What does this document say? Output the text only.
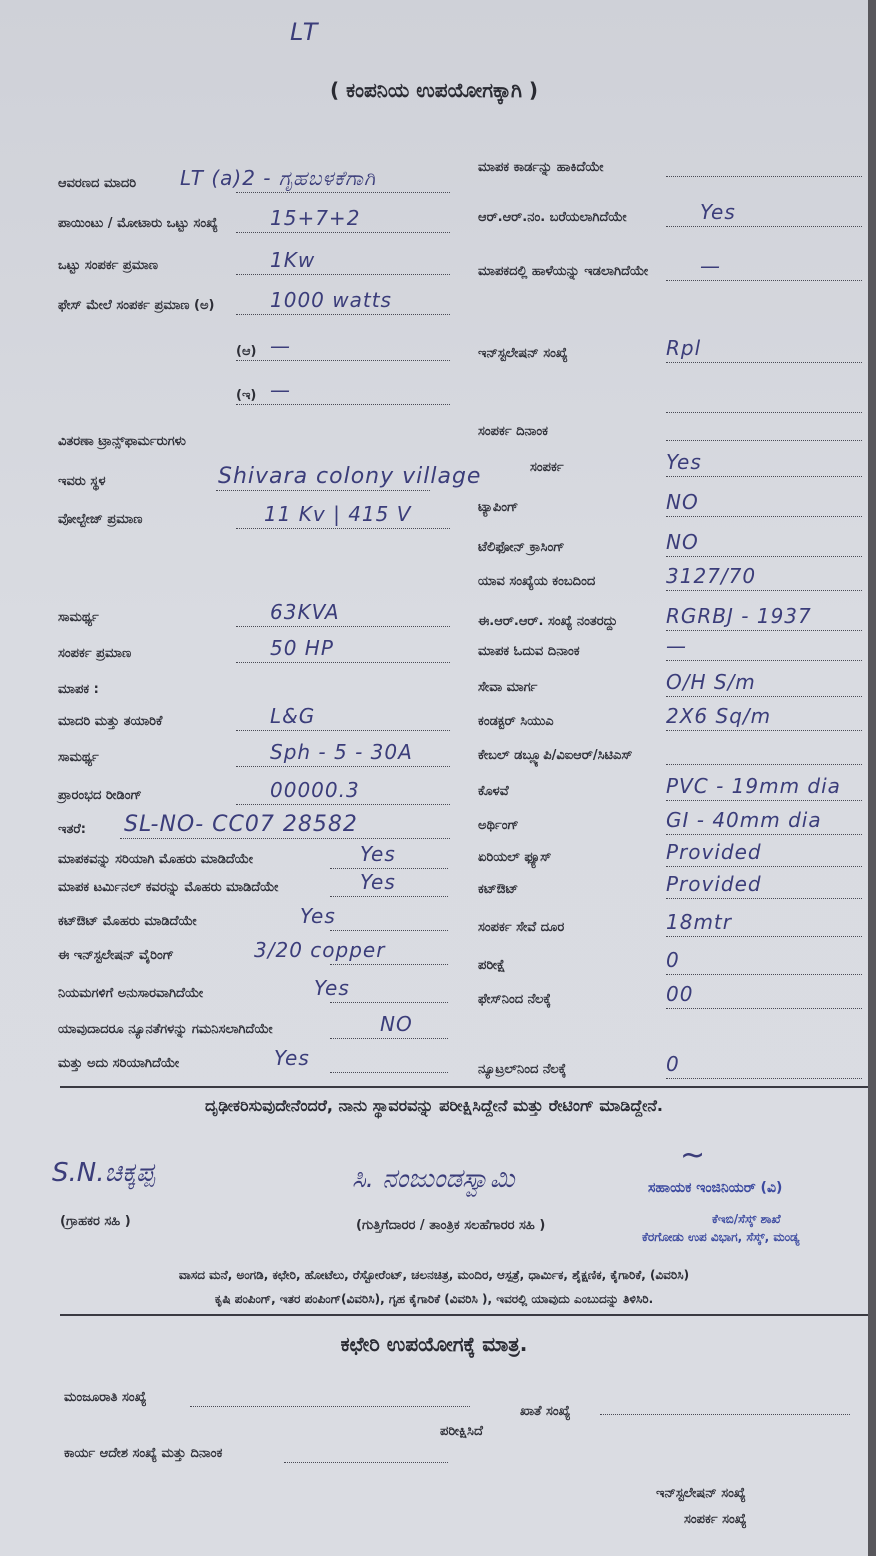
LT
( ಕಂಪನಿಯ ಉಪಯೋಗಕ್ಕಾಗಿ )
ಆವರಣದ ಮಾದರಿ LT (a)2 - ಗೃಹಬಳಕೆಗಾಗಿ
ಪಾಯಿಂಟು / ಮೋಟಾರು ಒಟ್ಟು ಸಂಖ್ಯೆ	15+7+2
ಒಟ್ಟು ಸಂಪರ್ಕ ಪ್ರಮಾಣ	1Kw
ಫೇಸ್ ಮೇಲೆ ಸಂಪರ್ಕ ಪ್ರಮಾಣ (ಅ)	1000 watts
(ಆ) —
(ಇ) —
ವಿತರಣಾ ಟ್ರಾನ್ಸ್‌ಫಾರ್ಮರುಗಳು
ಇವರು ಸ್ಥಳ	Shivara colony village
ವೋಲ್ಟೇಜ್ ಪ್ರಮಾಣ	11 Kv | 415 V
ಸಾಮರ್ಥ್ಯ	63KVA
ಸಂಪರ್ಕ ಪ್ರಮಾಣ	50 HP
ಮಾಪಕ :
ಮಾದರಿ ಮತ್ತು ತಯಾರಿಕೆ	L&G
ಸಾಮರ್ಥ್ಯ	Sph - 5 - 30A
ಪ್ರಾರಂಭದ ರೀಡಿಂಗ್	00000.3
ಇತರೆ: SL-NO- CC07 28582
ಮಾಪಕವನ್ನು ಸರಿಯಾಗಿ ಮೊಹರು ಮಾಡಿದೆಯೇ	Yes
ಮಾಪಕ ಟರ್ಮಿನಲ್ ಕವರನ್ನು ಮೊಹರು ಮಾಡಿದೆಯೇ	Yes
ಕಟ್‌ಔಟ್ ಮೊಹರು ಮಾಡಿದೆಯೇ	Yes
ಈ ಇನ್‌ಸ್ಟಲೇಷನ್ ವೈರಿಂಗ್	3/20 copper
ನಿಯಮಗಳಿಗೆ ಅನುಸಾರವಾಗಿದೆಯೇ	Yes
ಯಾವುದಾದರೂ ನ್ಯೂನತೆಗಳನ್ನು ಗಮನಿಸಲಾಗಿದೆಯೇ	NO
ಮತ್ತು ಅದು ಸರಿಯಾಗಿದೆಯೇ	Yes
ಮಾಪಕ ಕಾರ್ಡನ್ನು ಹಾಕಿದೆಯೇ
ಆರ್.ಆರ್.ನಂ. ಬರೆಯಲಾಗಿದೆಯೇ	Yes
ಮಾಪಕದಲ್ಲಿ ಹಾಳೆಯನ್ನು ಇಡಲಾಗಿದೆಯೇ	—
ಇನ್‌ಸ್ಟಲೇಷನ್ ಸಂಖ್ಯೆ	Rpl
ಸಂಪರ್ಕ ದಿನಾಂಕ
ಸಂಪರ್ಕ	Yes
ಟ್ಯಾಪಿಂಗ್	NO
ಟೆಲಿಫೋನ್ ಕ್ರಾಸಿಂಗ್	NO
ಯಾವ ಸಂಖ್ಯೆಯ ಕಂಬದಿಂದ	3127/70
ಈ.ಆರ್.ಆರ್. ಸಂಖ್ಯೆ ನಂತರದ್ದು RGRBJ - 1937
ಮಾಪಕ ಓದುವ ದಿನಾಂಕ	—
ಸೇವಾ ಮಾರ್ಗ	O/H S/m
ಕಂಡಕ್ಟರ್ ಸಿಯುಎ	2X6 Sq/m
ಕೇಬಲ್ ಡಬ್ಲ್ಯೂಪಿ/ವಿಐಆರ್/ಸಿಟಿಎಸ್
ಕೊಳವೆ	PVC - 19mm dia
ಅರ್ಥಿಂಗ್	GI - 40mm dia
ಏರಿಯಲ್ ಫ್ಯೂಸ್	Provided
ಕಟ್‌ಔಟ್	Provided
ಸಂಪರ್ಕ ಸೇವೆ ದೂರ	18mtr
ಪರೀಕ್ಷೆ	0
ಫೇಸ್‌ನಿಂದ ನೆಲಕ್ಕೆ	00
ನ್ಯೂಟ್ರಲ್‌ನಿಂದ ನೆಲಕ್ಕೆ	0
ದೃಢೀಕರಿಸುವುದೇನೆಂದರೆ, ನಾನು ಸ್ಥಾವರವನ್ನು ಪರೀಕ್ಷಿಸಿದ್ದೇನೆ ಮತ್ತು ರೇಟಿಂಗ್ ಮಾಡಿದ್ದೇನೆ.
S.N.ಚಿಕ್ಕಪ್ಪ
(ಗ್ರಾಹಕರ ಸಹಿ )
ಸಿ. ನಂಜುಂಡಸ್ವಾಮಿ
(ಗುತ್ತಿಗೆದಾರರ / ತಾಂತ್ರಿಕ ಸಲಹೆಗಾರರ ಸಹಿ )
~
ಸಹಾಯಕ ಇಂಜಿನಿಯರ್ (ವಿ)
ಕೆಇಬಿ/ಸೆಸ್ಕ್ ಶಾಖೆ
ಕೆರಗೋಡು ಉಪ ವಿಭಾಗ, ಸೆಸ್ಕ್, ಮಂಡ್ಯ
ವಾಸದ ಮನೆ, ಅಂಗಡಿ, ಕಛೇರಿ, ಹೋಟೆಲು, ರೆಸ್ಟೋರೆಂಟ್, ಚಲನಚಿತ್ರ, ಮಂದಿರ, ಆಸ್ಪತ್ರೆ, ಧಾರ್ಮಿಕ, ಶೈಕ್ಷಣಿಕ, ಕೈಗಾರಿಕೆ, (ವಿವರಿಸಿ)
ಕೃಷಿ ಪಂಪಿಂಗ್, ಇತರ ಪಂಪಿಂಗ್(ವಿವರಿಸಿ), ಗೃಹ ಕೈಗಾರಿಕೆ (ವಿವರಿಸಿ ), ಇವರಲ್ಲಿ ಯಾವುದು ಎಂಬುದನ್ನು ತಿಳಿಸಿರಿ.
ಕಛೇರಿ ಉಪಯೋಗಕ್ಕೆ ಮಾತ್ರ.
ಮಂಜೂರಾತಿ ಸಂಖ್ಯೆ
ಖಾತೆ ಸಂಖ್ಯೆ
ಪರೀಕ್ಷಿಸಿದೆ
ಕಾರ್ಯ ಆದೇಶ ಸಂಖ್ಯೆ ಮತ್ತು ದಿನಾಂಕ
ಇನ್‌ಸ್ಟಲೇಷನ್ ಸಂಖ್ಯೆ
ಸಂಪರ್ಕ ಸಂಖ್ಯೆ
